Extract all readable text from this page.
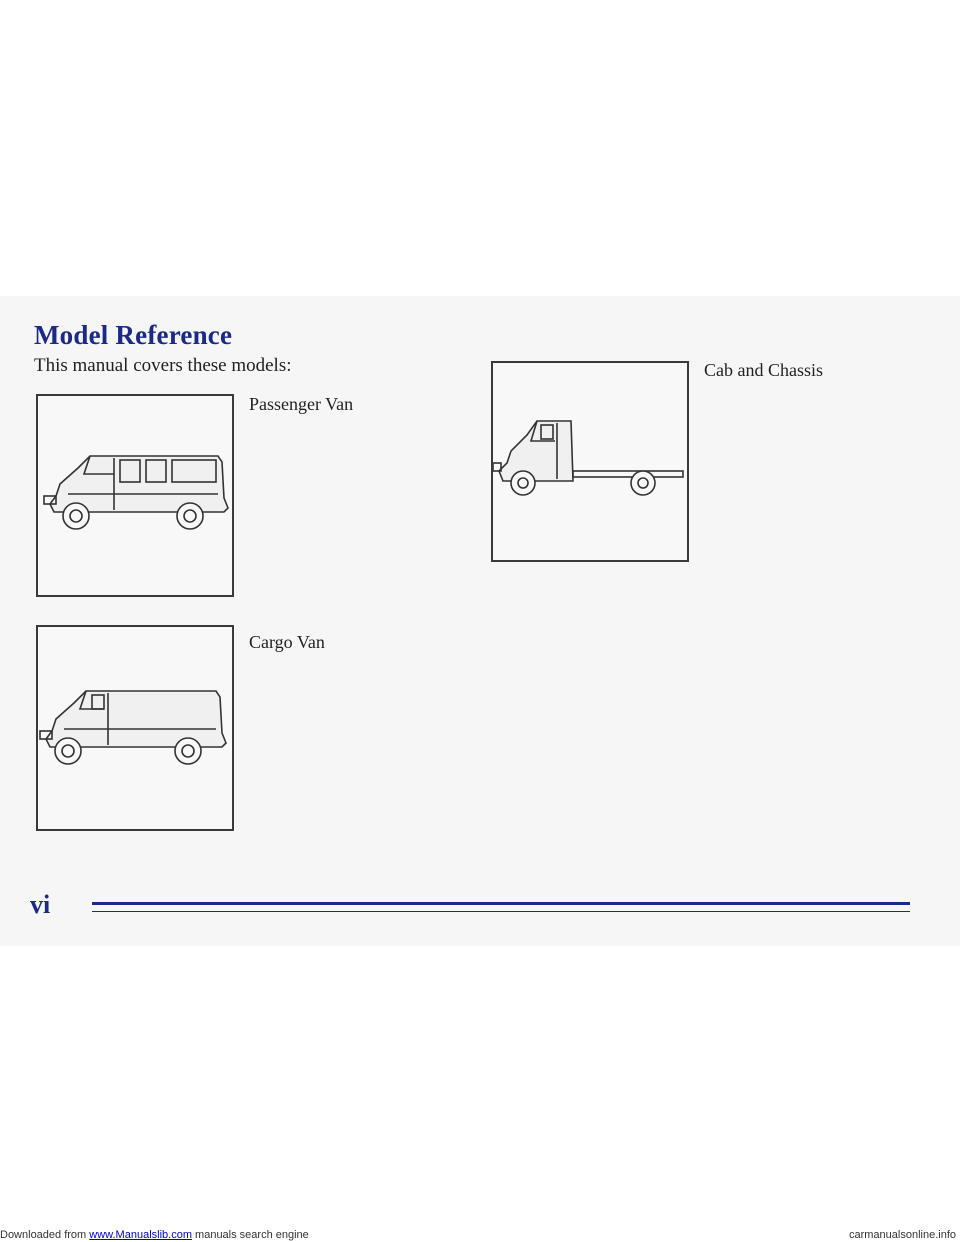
Model Reference
This manual covers these models:
Passenger Van
Cargo Van
Cab and Chassis
vi
Downloaded from www.Manualslib.com manuals search engine	carmanualsonline.info
